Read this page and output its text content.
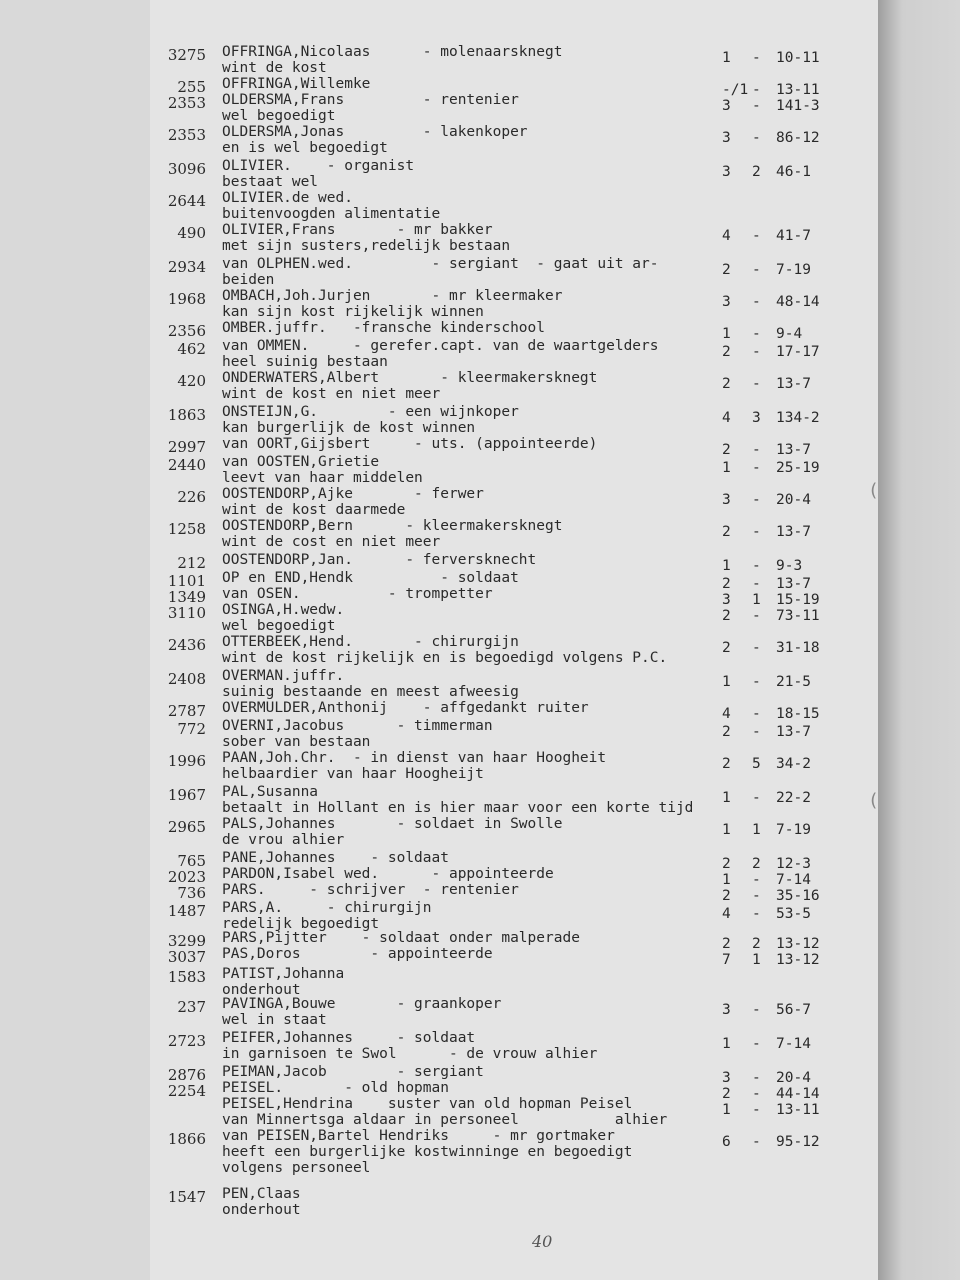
(
(
40
3275 OFFRINGA,Nicolaas      - molenaarsknegt
wint de kost
1 - 10-11
255 OFFRINGA,Willemke	-/1 - 13-11
2353 OLDERSMA,Frans         - rentenier
wel begoedigt
3 - 141-3
2353 OLDERSMA,Jonas         - lakenkoper
en is wel begoedigt
3 - 86-12
3096 OLIVIER.    - organist
bestaat wel
3 2 46-1
2644 OLIVIER.de wed.
buitenvoogden alimentatie
490 OLIVIER,Frans       - mr bakker
met sijn susters,redelijk bestaan
4 - 41-7
2934 van OLPHEN.wed.         - sergiant  - gaat uit ar-
beiden
2 - 7-19
1968 OMBACH,Joh.Jurjen       - mr kleermaker
kan sijn kost rijkelijk winnen
3 - 48-14
2356 OMBER.juffr.   -fransche kinderschool	1 - 9-4
462 van OMMEN.     - gerefer.capt. van de waartgelders
heel suinig bestaan
2 - 17-17
420 ONDERWATERS,Albert       - kleermakersknegt
wint de kost en niet meer
2 - 13-7
1863 ONSTEIJN,G.        - een wijnkoper
kan burgerlijk de kost winnen
4 3 134-2
2997 van OORT,Gijsbert     - uts. (appointeerde)	2 - 13-7
2440 van OOSTEN,Grietie
leevt van haar middelen
1 - 25-19
226 OOSTENDORP,Ajke       - ferwer
wint de kost daarmede
3 - 20-4
1258 OOSTENDORP,Bern      - kleermakersknegt
wint de cost en niet meer
2 - 13-7
212 OOSTENDORP,Jan.      - ferversknecht	1 - 9-3
1101 OP en END,Hendk          - soldaat	2 - 13-7
1349 van OSEN.          - trompetter	3 1 15-19
3110 OSINGA,H.wedw.
wel begoedigt
2 - 73-11
2436 OTTERBEEK,Hend.       - chirurgijn
wint de kost rijkelijk en is begoedigd volgens P.C.
2 - 31-18
2408 OVERMAN.juffr.
suinig bestaande en meest afweesig
1 - 21-5
2787 OVERMULDER,Anthonij    - affgedankt ruiter	4 - 18-15
772 OVERNI,Jacobus      - timmerman
sober van bestaan
2 - 13-7
1996 PAAN,Joh.Chr.  - in dienst van haar Hoogheit
helbaardier van haar Hoogheijt
2 5 34-2
1967 PAL,Susanna
betaalt in Hollant en is hier maar voor een korte tijd
1 - 22-2
2965 PALS,Johannes       - soldaet in Swolle
de vrou alhier
1 1 7-19
765 PANE,Johannes    - soldaat	2 2 12-3
2023 PARDON,Isabel wed.      - appointeerde	1 - 7-14
736 PARS.     - schrijver  - rentenier	2 - 35-16
1487 PARS,A.     - chirurgijn
redelijk begoedigt
4 - 53-5
3299 PARS,Pijtter    - soldaat onder malperade	2 2 13-12
3037 PAS,Doros        - appointeerde	7 1 13-12
1583 PATIST,Johanna
onderhout
237 PAVINGA,Bouwe       - graankoper
wel in staat
3 - 56-7
2723 PEIFER,Johannes     - soldaat
in garnisoen te Swol      - de vrouw alhier
1 - 7-14
2876 PEIMAN,Jacob        - sergiant	3 - 20-4
2254 PEISEL.       - old hopman	2 - 44-14
PEISEL,Hendrina    suster van old hopman Peisel
van Minnertsga aldaar in personeel           alhier
1 - 13-11
1866 van PEISEN,Bartel Hendriks     - mr gortmaker
heeft een burgerlijke kostwinninge en begoedigt
volgens personeel
6 - 95-12
1547 PEN,Claas
onderhout
